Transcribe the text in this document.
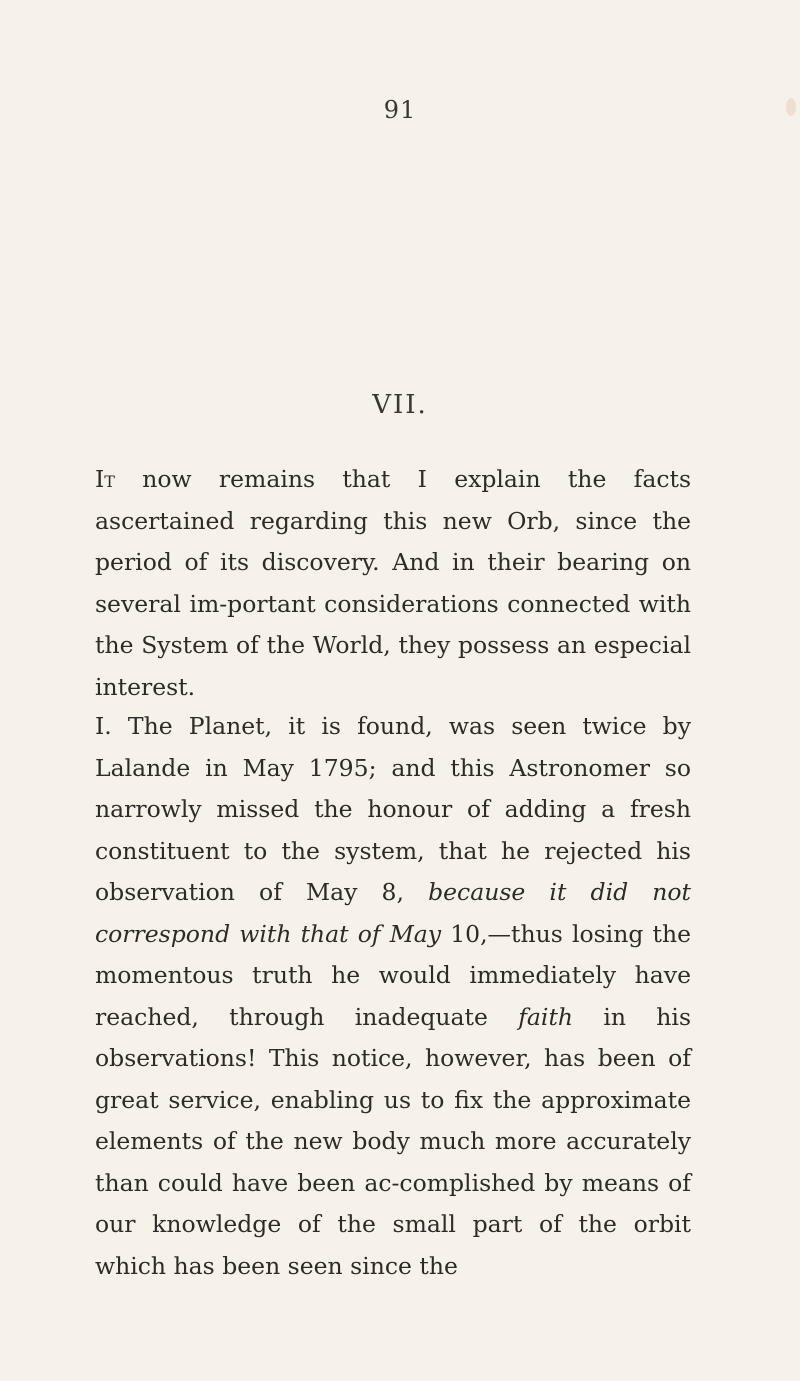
91
VII.

It now remains that I explain the facts ascertained regarding this new Orb, since the period of its discovery. And in their bearing on several im-portant considerations connected with the System of the World, they possess an especial interest.

I. The Planet, it is found, was seen twice by Lalande in May 1795; and this Astronomer so narrowly missed the honour of adding a fresh constituent to the system, that he rejected his observation of May 8, because it did not correspond with that of May 10,—thus losing the momentous truth he would immediately have reached, through inadequate faith in his observations! This notice, however, has been of great service, enabling us to fix the approximate elements of the new body much more accurately than could have been ac-complished by means of our knowledge of the small part of the orbit which has been seen since the
